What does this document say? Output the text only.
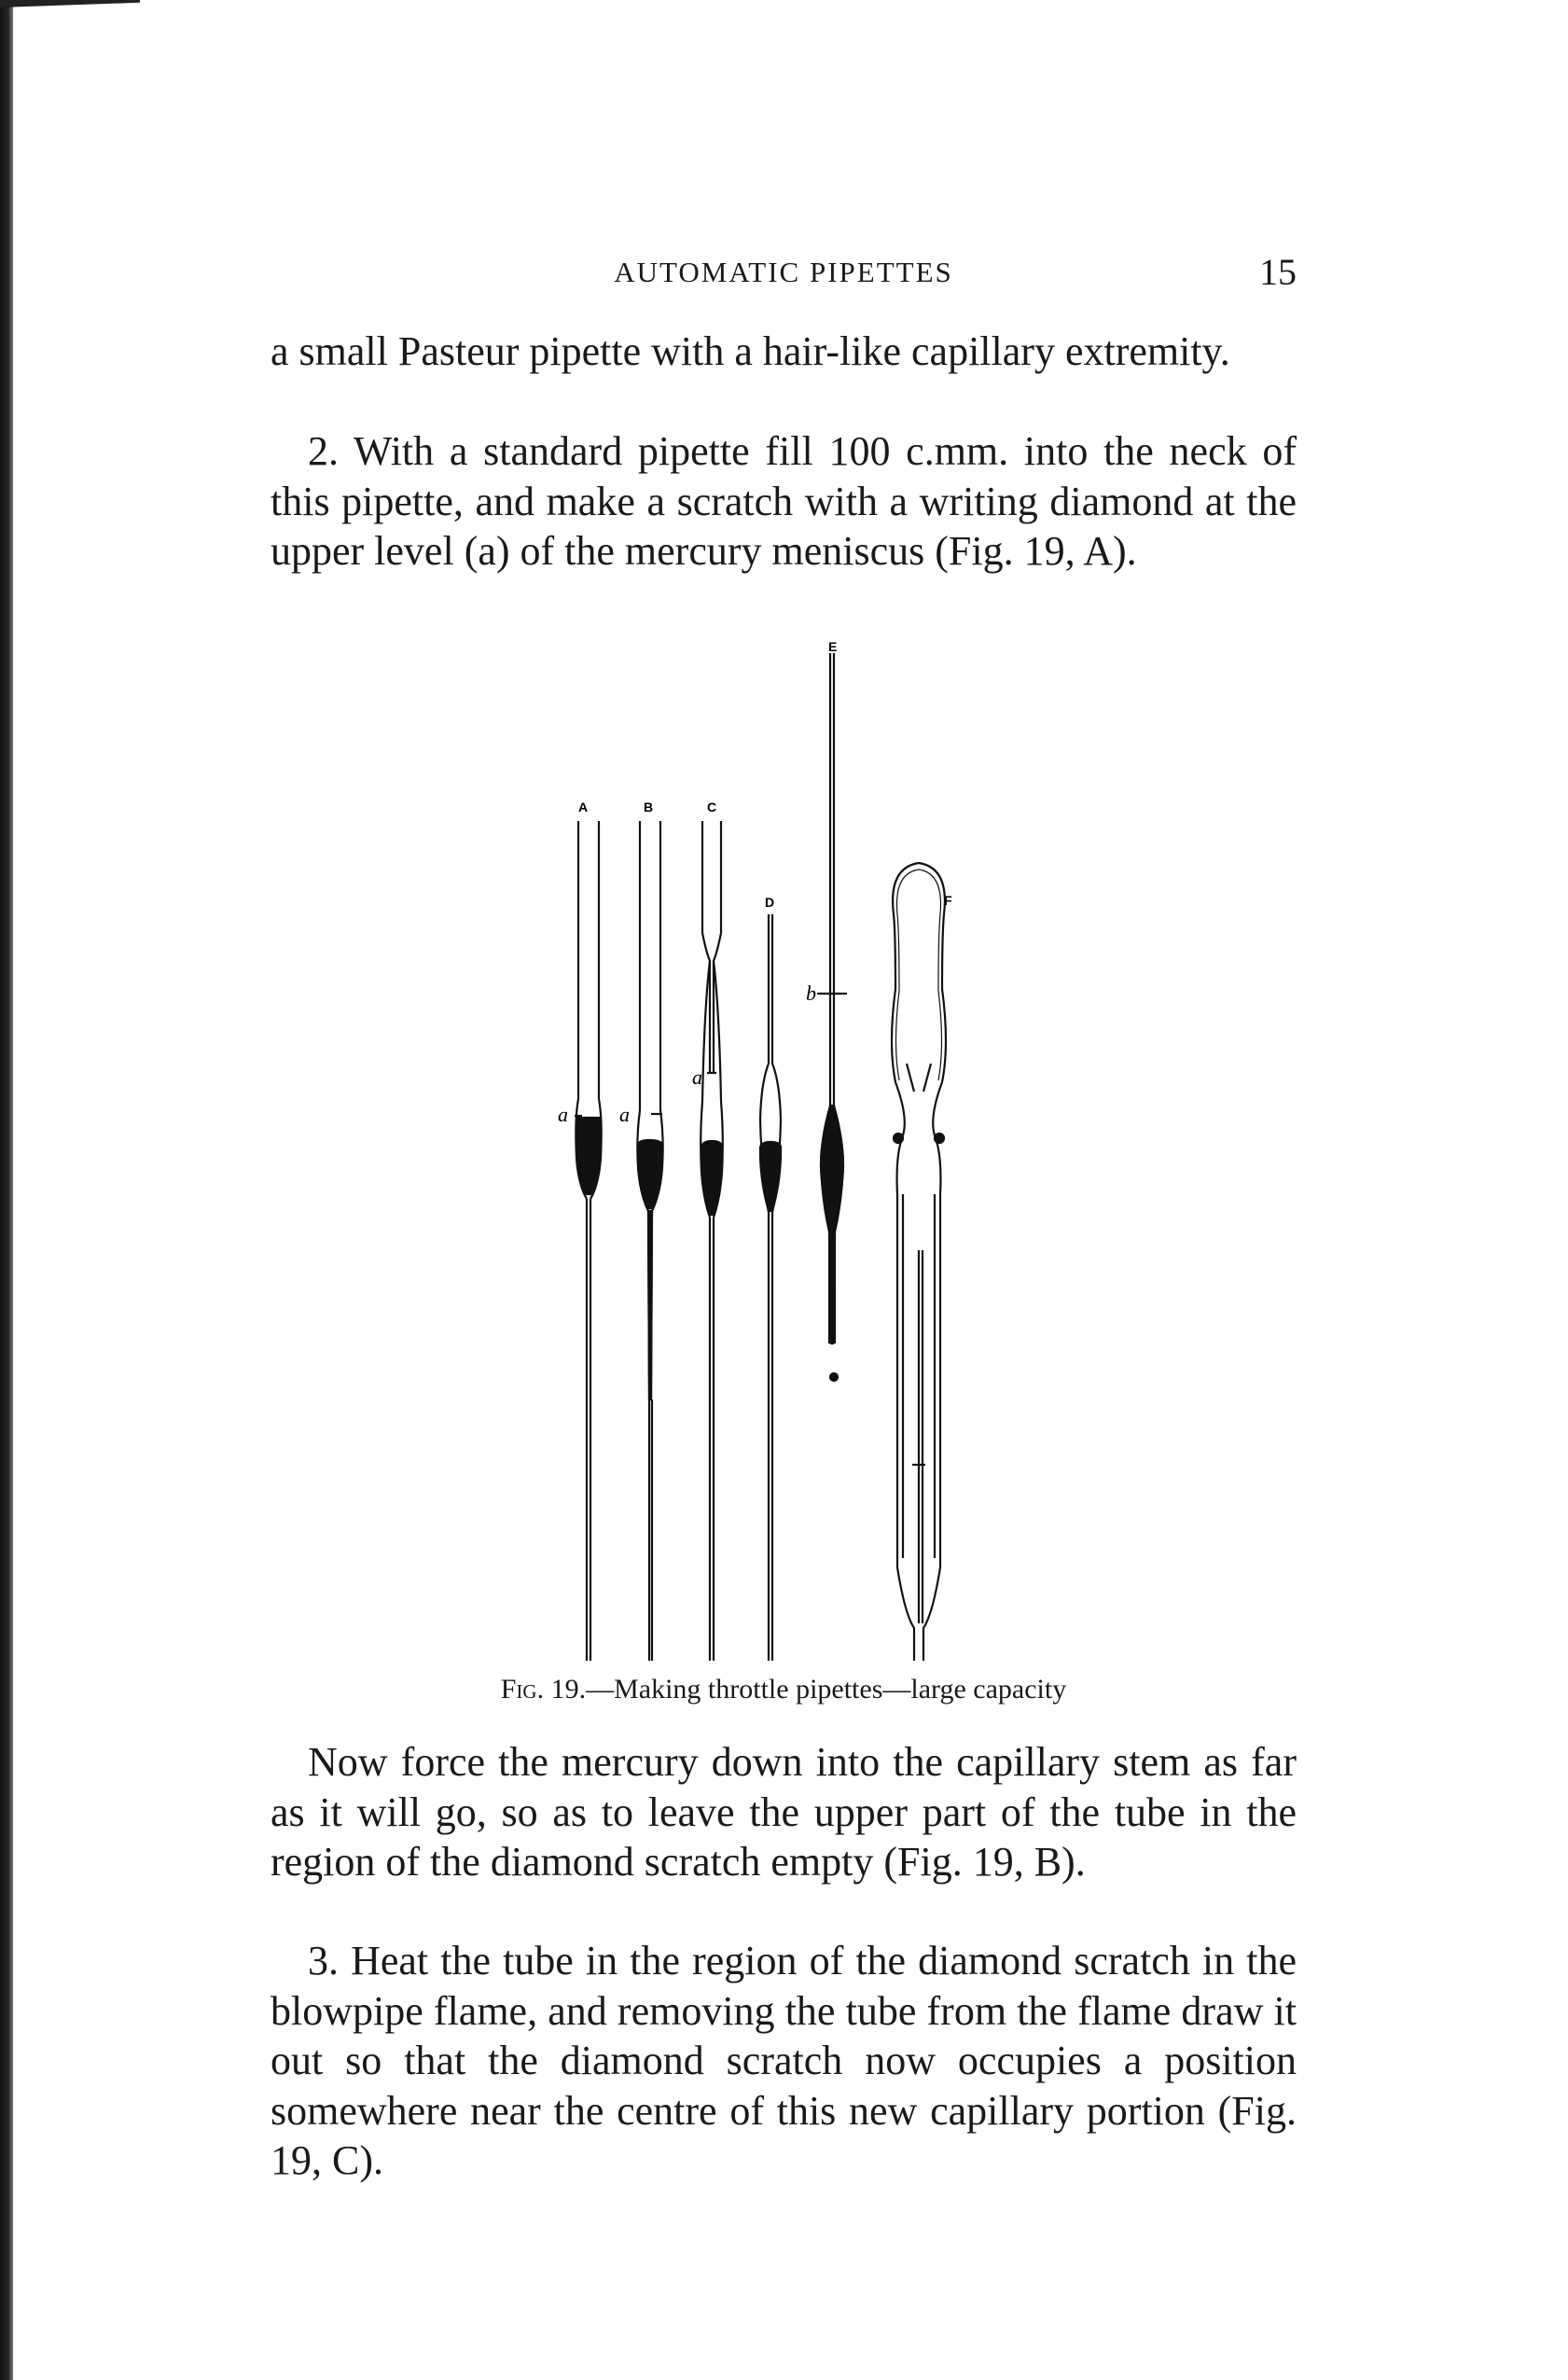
AUTOMATIC PIPETTES	15

a small Pasteur pipette with a hair-like capillary extremity.

2. With a standard pipette fill 100 c.mm. into the neck of this pipette, and make a scratch with a writing diamond at the upper level (a) of the mercury meniscus (Fig. 19, A).

A	B	C
D
E
F
a	a
a
b
Fig. 19.—Making throttle pipettes—large capacity

Now force the mercury down into the capillary stem as far as it will go, so as to leave the upper part of the tube in the region of the diamond scratch empty (Fig. 19, B).

3. Heat the tube in the region of the diamond scratch in the blowpipe flame, and removing the tube from the flame draw it out so that the diamond scratch now occupies a position somewhere near the centre of this new capillary portion (Fig. 19, C).
